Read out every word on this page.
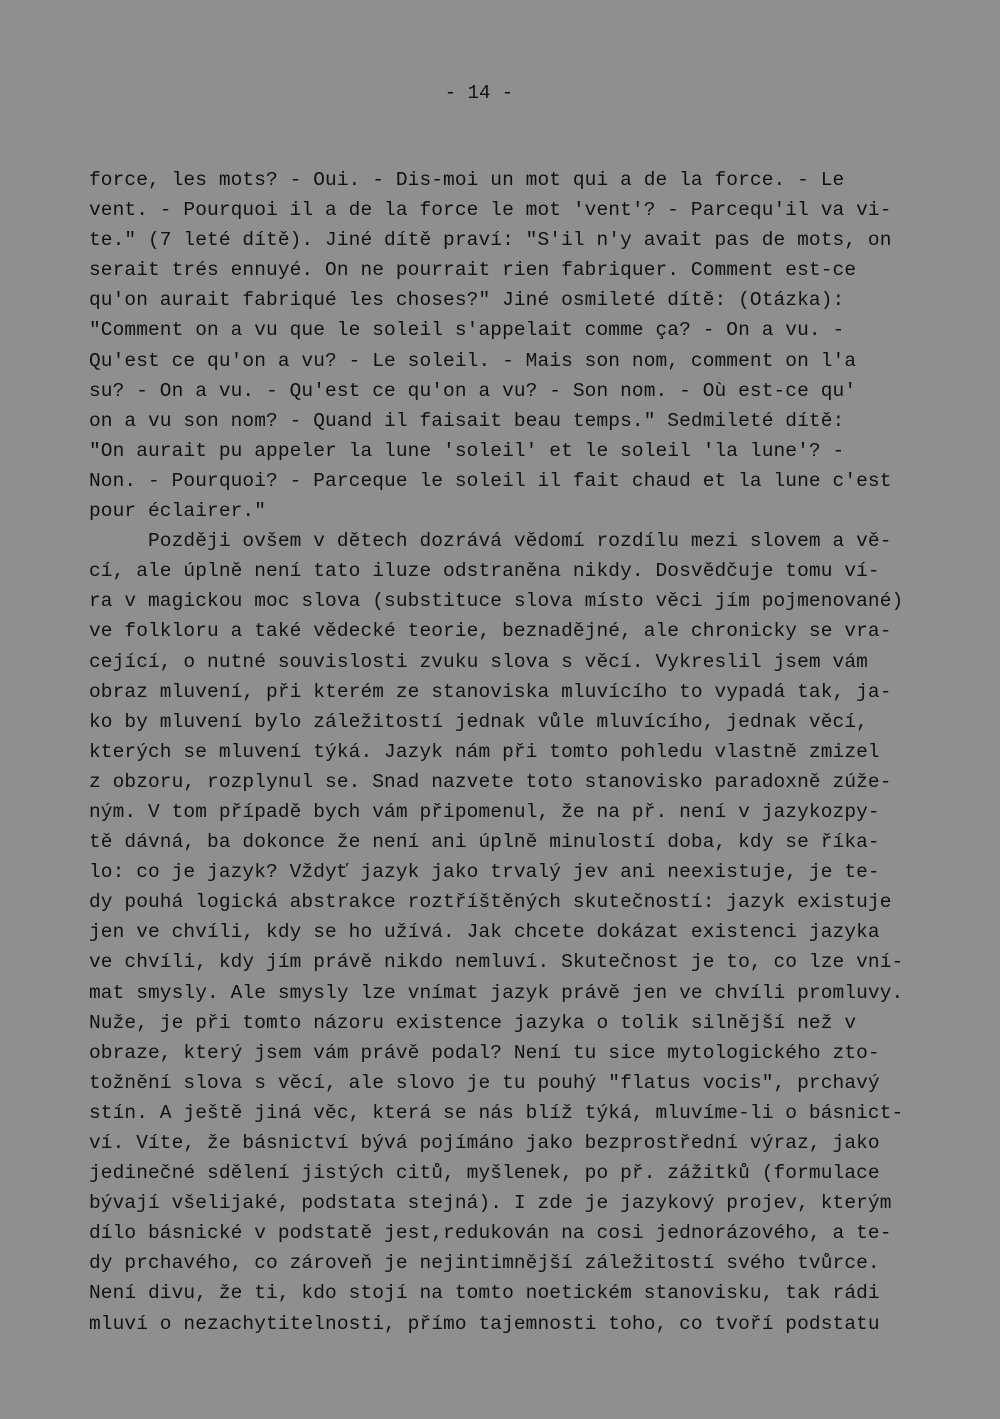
- 14 -
force, les mots? - Oui. - Dis-moi un mot qui a de la force. - Le
vent. - Pourquoi il a de la force le mot 'vent'? - Parcequ'il va vi-
te." (7 leté dítě). Jiné dítě praví: "S'il n'y avait pas de mots, on
serait trés ennuyé. On ne pourrait rien fabriquer. Comment est-ce
qu'on aurait fabriqué les choses?" Jiné osmileté dítě: (Otázka):
"Comment on a vu que le soleil s'appelait comme ça? - On a vu. -
Qu'est ce qu'on a vu? - Le soleil. - Mais son nom, comment on l'a
su? - On a vu. - Qu'est ce qu'on a vu? - Son nom. - Où est-ce qu'
on a vu son nom? - Quand il faisait beau temps." Sedmileté dítě:
"On aurait pu appeler la lune 'soleil' et le soleil 'la lune'? -
Non. - Pourquoi? - Parceque le soleil il fait chaud et la lune c'est
pour éclairer."
Později ovšem v dětech dozrává vědomí rozdílu mezi slovem a vě-
cí, ale úplně není tato iluze odstraněna nikdy. Dosvědčuje tomu ví-
ra v magickou moc slova (substituce slova místo věci jím pojmenované)
ve folkloru a také vědecké teorie, beznadějné, ale chronicky se vra-
cející, o nutné souvislosti zvuku slova s věcí. Vykreslil jsem vám
obraz mluvení, při kterém ze stanoviska mluvícího to vypadá tak, ja-
ko by mluvení bylo záležitostí jednak vůle mluvícího, jednak věcí,
kterých se mluvení týká. Jazyk nám při tomto pohledu vlastně zmizel
z obzoru, rozplynul se. Snad nazvete toto stanovisko paradoxně zúže-
ným. V tom případě bych vám připomenul, že na př. není v jazykozpy-
tě dávná, ba dokonce že není ani úplně minulostí doba, kdy se říka-
lo: co je jazyk? Vždyť jazyk jako trvalý jev ani neexistuje, je te-
dy pouhá logická abstrakce roztříštěných skutečností: jazyk existuje
jen ve chvíli, kdy se ho užívá. Jak chcete dokázat existenci jazyka
ve chvíli, kdy jím právě nikdo nemluví. Skutečnost je to, co lze vní-
mat smysly. Ale smysly lze vnímat jazyk právě jen ve chvíli promluvy.
Nuže, je při tomto názoru existence jazyka o tolik silnější než v
obraze, který jsem vám právě podal? Není tu sice mytologického zto-
tožnění slova s věcí, ale slovo je tu pouhý "flatus vocis", prchavý
stín. A ještě jiná věc, která se nás blíž týká, mluvíme-li o básnict-
ví. Víte, že básnictví bývá pojímáno jako bezprostřední výraz, jako
jedinečné sdělení jistých citů, myšlenek, po př. zážitků (formulace
bývají všelijaké, podstata stejná). I zde je jazykový projev, kterým
dílo básnické v podstatě jest,redukován na cosi jednorázového, a te-
dy prchavého, co zároveň je nejintimnější záležitostí svého tvůrce.
Není divu, že ti, kdo stojí na tomto noetickém stanovisku, tak rádi
mluví o nezachytitelnosti, přímo tajemnosti toho, co tvoří podstatu
